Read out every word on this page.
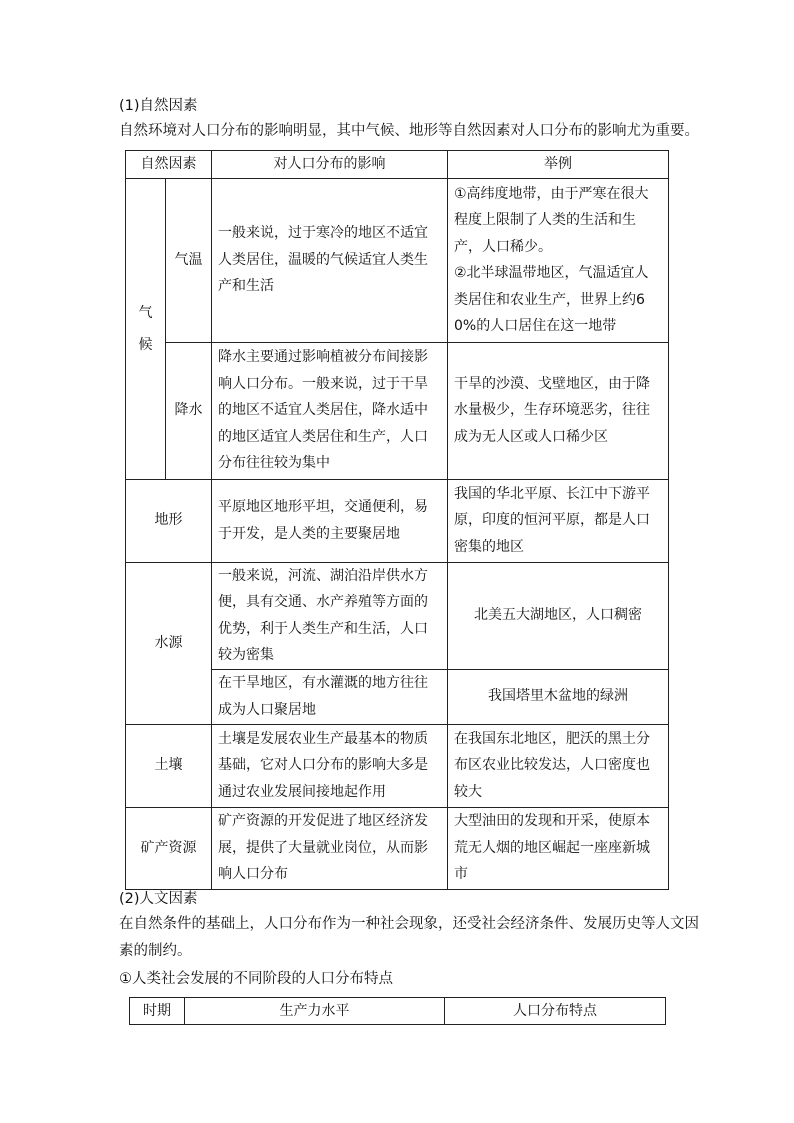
(1)自然因素
自然环境对人口分布的影响明显，其中气候、地形等自然因素对人口分布的影响尤为重要。
自然因素		对人口分布的影响	举例
气候	气温	一般来说，过于寒冷的地区不适宜人类居住，温暖的气候适宜人类生产和生活	①高纬度地带，由于严寒在很大程度上限制了人类的生活和生产，人口稀少。
②北半球温带地区，气温适宜人类居住和农业生产，世界上约60%的人口居住在这一地带

	降水	降水主要通过影响植被分布间接影响人口分布。一般来说，过于干旱的地区不适宜人类居住，降水适中的地区适宜人类居住和生产，人口分布往往较为集中	干旱的沙漠、戈壁地区，由于降水量极少，生存环境恶劣，往往成为无人区或人口稀少区
地形		平原地区地形平坦，交通便利，易于开发，是人类的主要聚居地	我国的华北平原、长江中下游平原，印度的恒河平原，都是人口密集的地区
水源		一般来说，河流、湖泊沿岸供水方便，具有交通、水产养殖等方面的优势，利于人类生产和生活，人口较为密集	北美五大湖地区，人口稠密
		在干旱地区，有水灌溉的地方往往成为人口聚居地	我国塔里木盆地的绿洲
土壤		土壤是发展农业生产最基本的物质基础，它对人口分布的影响大多是通过农业发展间接地起作用	在我国东北地区，肥沃的黑土分布区农业比较发达，人口密度也较大
矿产资源		矿产资源的开发促进了地区经济发展，提供了大量就业岗位，从而影响人口分布	大型油田的发现和开采，使原本荒无人烟的地区崛起一座座新城市
(2)人文因素
在自然条件的基础上，人口分布作为一种社会现象，还受社会经济条件、发展历史等人文因
素的制约。
①人类社会发展的不同阶段的人口分布特点
时期	生产力水平	人口分布特点
